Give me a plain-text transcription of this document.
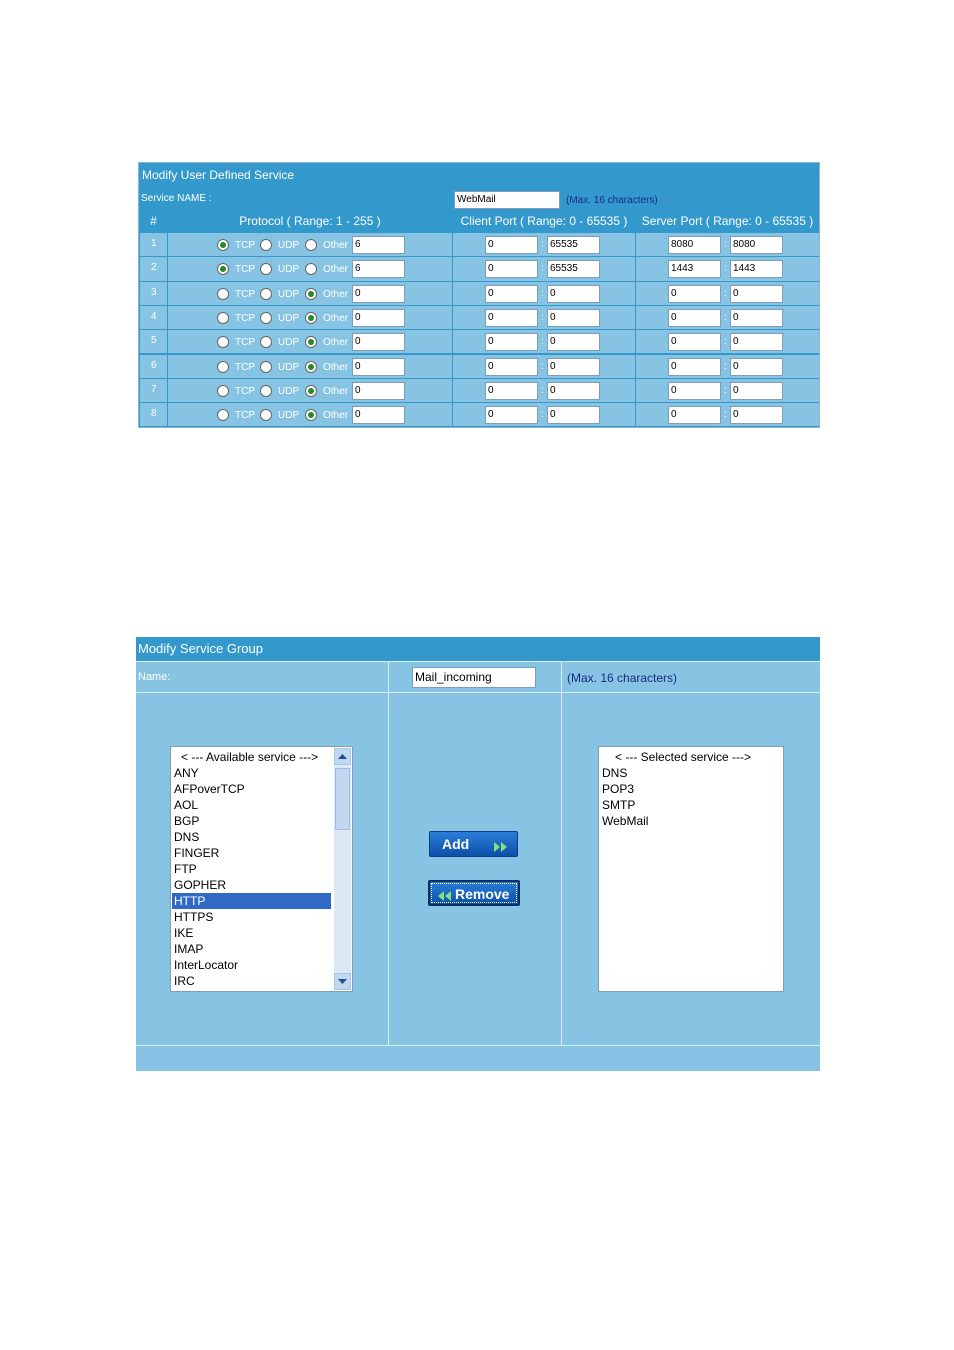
Modify User Defined Service
Service NAME :	WebMail	(Max. 16 characters)
#	Protocol ( Range: 1 - 255 )	Client Port ( Range: 0 - 65535 )	Server Port ( Range: 0 - 65535 )
1	TCP UDP Other 6	0	: 65535	8080	: 8080
2	TCP UDP Other 6	0	: 65535	1443	: 1443
3	TCP UDP Other 0	0	: 0	0	: 0
4	TCP UDP Other 0	0	: 0	0	: 0
5	TCP UDP Other 0	0	: 0	0	: 0
6	TCP UDP Other 0	0	: 0	0	: 0
7	TCP UDP Other 0	0	: 0	0	: 0
8	TCP UDP Other 0	0	: 0	0	: 0
Modify Service Group
Name:	Mail_incoming	(Max. 16 characters)
< --- Available service --->
ANY
AFPoverTCP
AOL
BGP
DNS
FINGER
FTP
GOPHER
HTTP
HTTPS
IKE
IMAP
InterLocator
IRC
Add
Remove
< --- Selected service --->
DNS
POP3
SMTP
WebMail
